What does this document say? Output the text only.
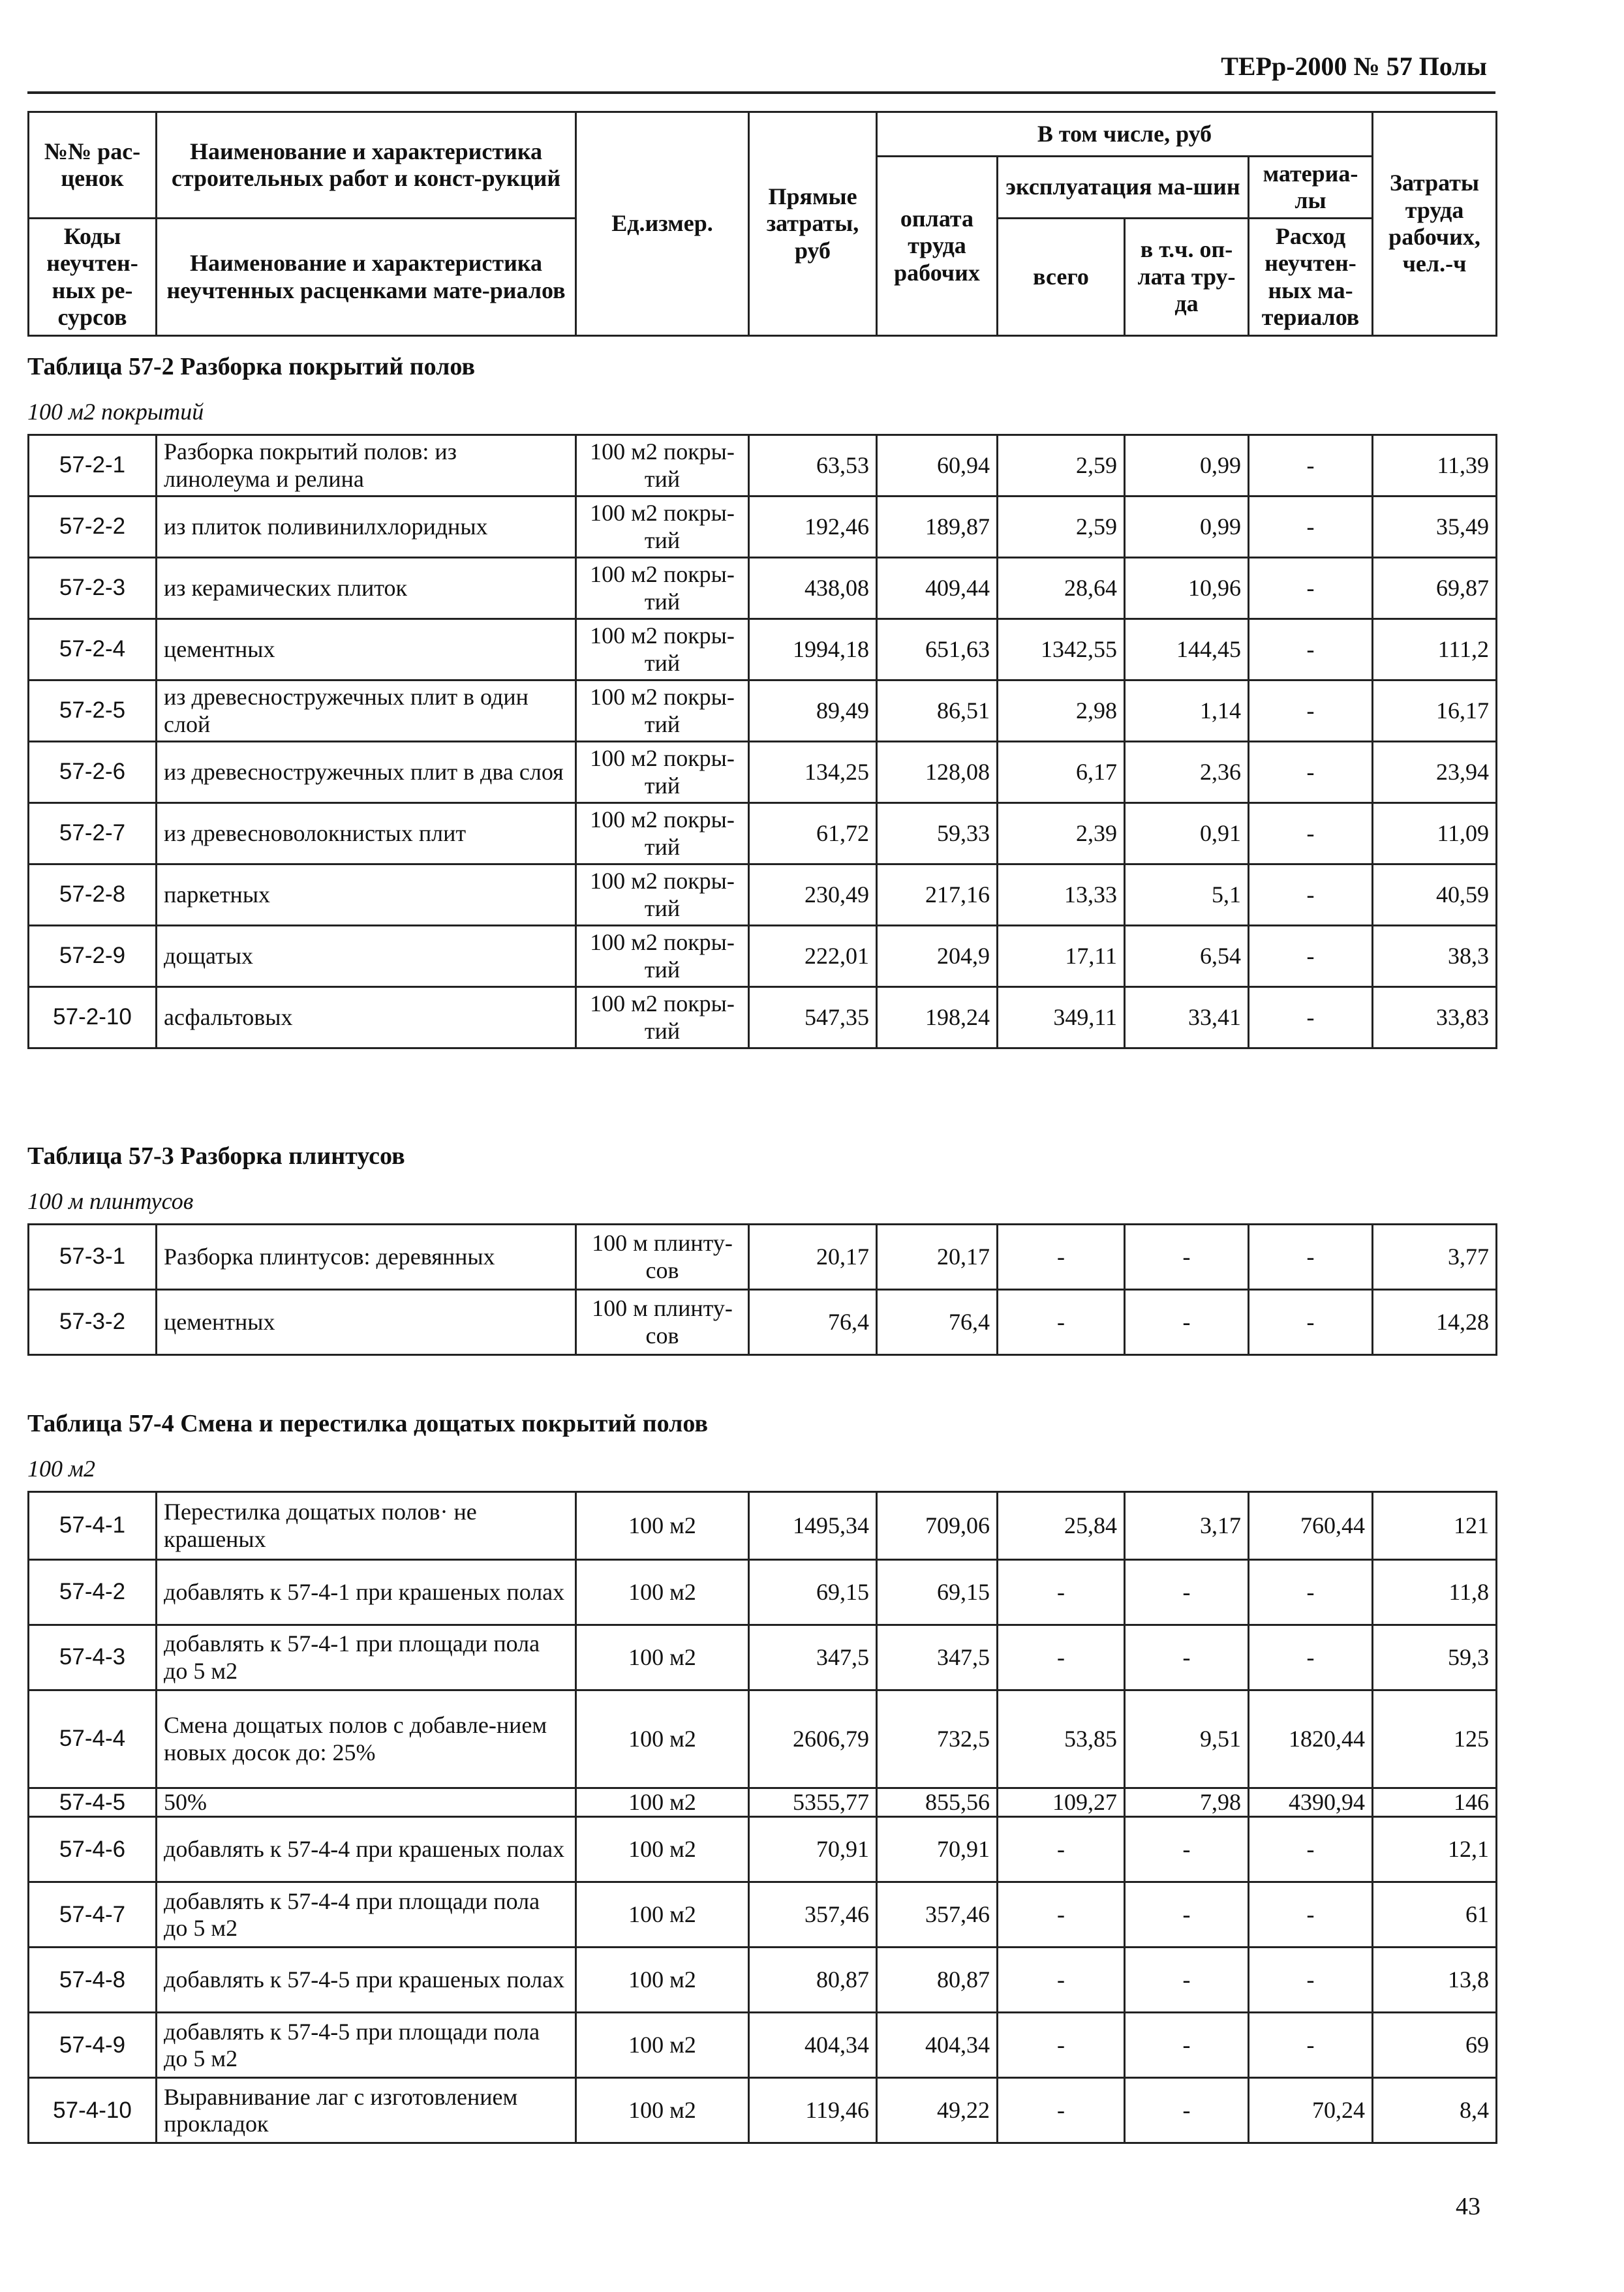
ТЕРр-2000 № 57 Полы
№№ рас-ценок	Наименование и характеристика строительных работ и конст-рукций	Ед.измер.	Прямые затраты, руб	В том числе, руб				Затраты труда рабочих, чел.-ч
				оплата труда рабочих	эксплуатация ма-шин		материа-лы	
Коды неучтен-ных ре-сурсов	Наименование и характеристика неучтенных расценками мате-риалов				всего	в т.ч. оп-лата тру-да	Расход неучтен-ных ма-териалов	

Таблица 57-2 Разборка покрытий полов
100 м2 покрытий
57-2-1	Разборка покрытий полов: из линолеума и релина	100 м2 покры-тий	63,53	60,94	2,59	0,99	-	11,39
57-2-2	из плиток поливинилхлоридных	100 м2 покры-тий	192,46	189,87	2,59	0,99	-	35,49
57-2-3	из керамических плиток	100 м2 покры-тий	438,08	409,44	28,64	10,96	-	69,87
57-2-4	цементных	100 м2 покры-тий	1994,18	651,63	1342,55	144,45	-	111,2
57-2-5	из древесностружечных плит в один слой	100 м2 покры-тий	89,49	86,51	2,98	1,14	-	16,17
57-2-6	из древесностружечных плит в два слоя	100 м2 покры-тий	134,25	128,08	6,17	2,36	-	23,94
57-2-7	из древесноволокнистых плит	100 м2 покры-тий	61,72	59,33	2,39	0,91	-	11,09
57-2-8	паркетных	100 м2 покры-тий	230,49	217,16	13,33	5,1	-	40,59
57-2-9	дощатых	100 м2 покры-тий	222,01	204,9	17,11	6,54	-	38,3
57-2-10	асфальтовых	100 м2 покры-тий	547,35	198,24	349,11	33,41	-	33,83
Таблица 57-3 Разборка плинтусов
100 м плинтусов
57-3-1	Разборка плинтусов: деревянных	100 м плинту-сов	20,17	20,17	-	-	-	3,77
57-3-2	цементных	100 м плинту-сов	76,4	76,4	-	-	-	14,28
Таблица 57-4 Смена и перестилка дощатых покрытий полов
100 м2
57-4-1	Перестилка дощатых полов· не крашеных	100 м2	1495,34	709,06	25,84	3,17	760,44	121
57-4-2	добавлять к 57-4-1 при крашеных полах	100 м2	69,15	69,15	-	-	-	11,8
57-4-3	добавлять к 57-4-1 при площади пола до 5 м2	100 м2	347,5	347,5	-	-	-	59,3
57-4-4	Смена дощатых полов с добавле-нием новых досок до: 25%	100 м2	2606,79	732,5	53,85	9,51	1820,44	125
57-4-5	50%	100 м2	5355,77	855,56	109,27	7,98	4390,94	146
57-4-6	добавлять к 57-4-4 при крашеных полах	100 м2	70,91	70,91	-	-	-	12,1
57-4-7	добавлять к 57-4-4 при площади пола до 5 м2	100 м2	357,46	357,46	-	-	-	61
57-4-8	добавлять к 57-4-5 при крашеных полах	100 м2	80,87	80,87	-	-	-	13,8
57-4-9	добавлять к 57-4-5 при площади пола до 5 м2	100 м2	404,34	404,34	-	-	-	69
57-4-10	Выравнивание лаг с изготовлением прокладок	100 м2	119,46	49,22	-	-	70,24	8,4
43
